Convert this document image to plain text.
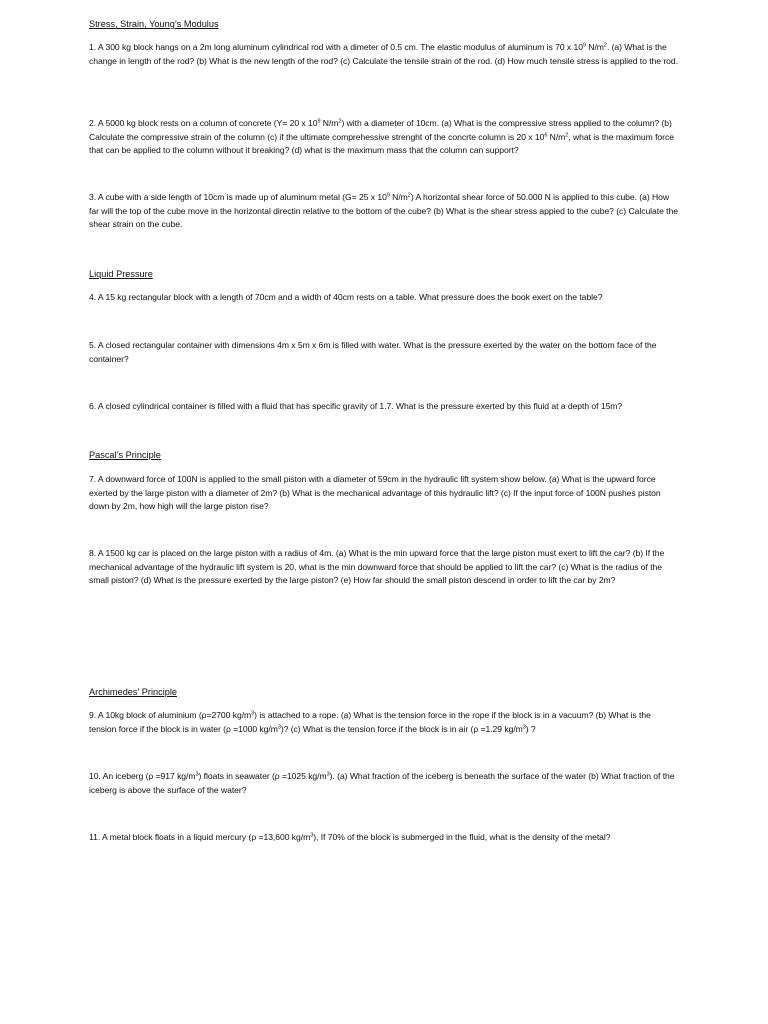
Stress, Strain, Young’s Modulus
1. A 300 kg block hangs on a 2m long aluminum cylindrical rod with a dimeter of 0.5 cm. The elastic modulus of aluminum is 70 x $10^9$ $N/m^2$. (a) What is the change in length of the rod? (b) What is the new length of the rod? (c) Calculate the tensile strain of the rod. (d) How much tensile stress is applied to the rod.
2. A 5000 kg block rests on a column of concrete (Y= 20 x $10^9$ $N/m^2$) with a diameter of 10cm. (a) What is the compressive stress applied to the column? (b) Calculate the compressive strain of the column (c) if the ultimate comprehessive strenght of the concrte column is 20 x $10^6$ $N/m^2$, what is the maximum force that can be applied to the column without it breaking? (d) what is the maximum mass that the column can support?
3. A cube with a side length of 10cm is made up of aluminum metal (G= 25 x $10^9$ $N/m^2$) A horizontal shear force of 50.000 N is applied to this cube. (a) How far will the top of the cube move in the horizontal directin relative to the bottom of the cube? (b) What is the shear stress appied to the cube? (c) Calculate the shear strain on the cube.
Liquid Pressure
4. A 15 kg rectangular block with a length of 70cm and a width of 40cm rests on a table. What pressure does the book exert on the table?
5. A closed rectangular container with dimensions 4m x 5m x 6m is filled with water. What is the pressure exerted by the water on the bottom face of the container?
6. A closed cylindrical container is filled with a fluid that has specific gravity of 1.7. What is the pressure exerted by this fluid at a depth of 15m?
Pascal’s Principle
7. A downward force of 100N is applied to the small piston with a diameter of 59cm in the hydraulic lift system show below. (a) What is the upward force exerted by the large piston with a diameter of 2m? (b) What is the mechanical advantage of this hydraulic lift? (c) If the input force of 100N pushes piston down by 2m, how high will the large piston rise?
8. A 1500 kg car is placed on the large piston with a radius of 4m. (a) What is the min upward force that the large piston must exert to lift the car? (b) If the mechanical advantage of the hydraulic lift system is 20, what is the min downward force that should be applied to lift the car? (c) What is the radius of the small piston? (d) What is the pressure exerted by the large piston? (e) How far should the small piston descend in order to lift the car by 2m?
Archimedes’ Principle
9. A 10kg block of aluminium (ρ=2700 $kg/m^3$) is attached to a rope. (a) What is the tension force in the rope if the block is in a vacuum? (b) What is the tension force if the block is in water (ρ =1000 $kg/m^3$)? (c) What is the tension force if the block is in air (ρ =1.29 $kg/m^3$) ?
10. An iceberg (ρ =917 $kg/m^3$) floats in seawater (ρ =1025 $kg/m^3$). (a) What fraction of the iceberg is beneath the surface of the water (b) What fraction of the iceberg is above the surface of the water?
11. A metal block floats in a liquid mercury (ρ =13,600 $kg/m^3$), If 70% of the block is submerged in the fluid, what is the density of the metal?
